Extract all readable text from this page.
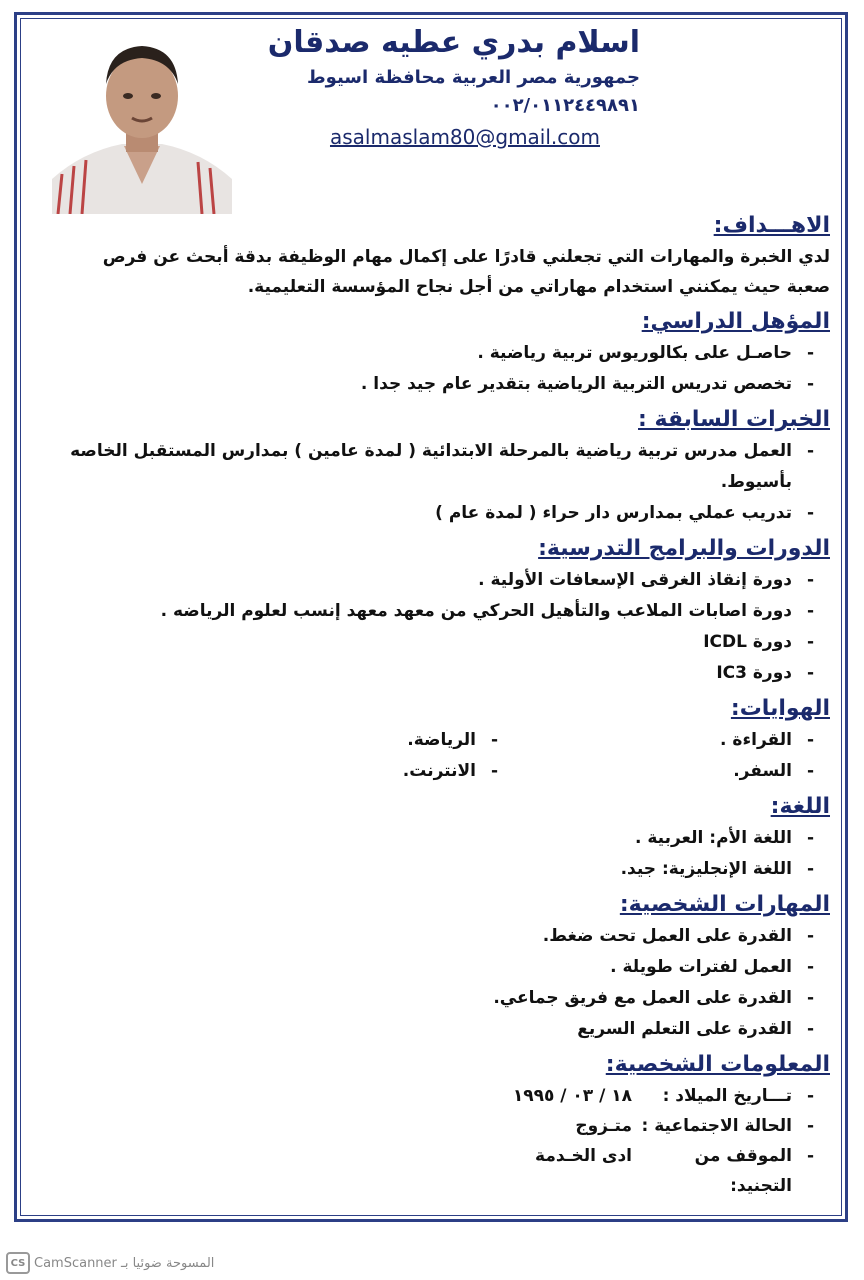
اسلام بدري عطيه صدقان
جمهورية مصر العربية محافظة اسيوط
٠٠٢/٠١١٢٤٤٩٨٩١
asalmaslam80@gmail.com
الاهـــداف:
لدي الخبرة والمهارات التي تجعلني قادرًا على إكمال مهام الوظيفة بدقة أبحث عن فرص صعبة حيث يمكنني استخدام مهاراتي من أجل نجاح المؤسسة التعليمية.
المؤهل الدراسي:
-
حاصـل على بكالوريوس تربية رياضية .
-
تخصص تدريس التربية الرياضية بتقدير عام جيد جدا .
الخبرات السابقة :
-
العمل مدرس تربية رياضية بالمرحلة الابتدائية ( لمدة عامين ) بمدارس المستقبل الخاصه بأسيوط.
-
تدريب عملي بمدارس دار حراء ( لمدة عام )
الدورات والبرامج التدرسية:
-
دورة إنقاذ الغرقى الإسعافات الأولية .
-
دورة اصابات الملاعب والتأهيل الحركي من معهد معهد إنسب لعلوم الرياضه .
-
دورة ICDL
-
دورة IC3
الهوايات:
-
القراءة .
-
السفر.
-
الرياضة.
-
الانترنت.
اللغة:
-
اللغة الأم: العربية .
-
اللغة الإنجليزية: جيد.
المهارات الشخصية:
-
القدرة على العمل تحت ضغط.
-
العمل لفترات طويلة .
-
القدرة على العمل مع فريق جماعي.
-
القدرة على التعلم السريع
المعلومات الشخصية:
-
تـــاريخ الميلاد :
١٨ / ٠٣ / ١٩٩٥
-
الحالة الاجتماعية :
متـزوج
-
الموقف من التجنيد:
ادى الخـدمة
CS CamScanner المسوحة ضوئيا بـ
